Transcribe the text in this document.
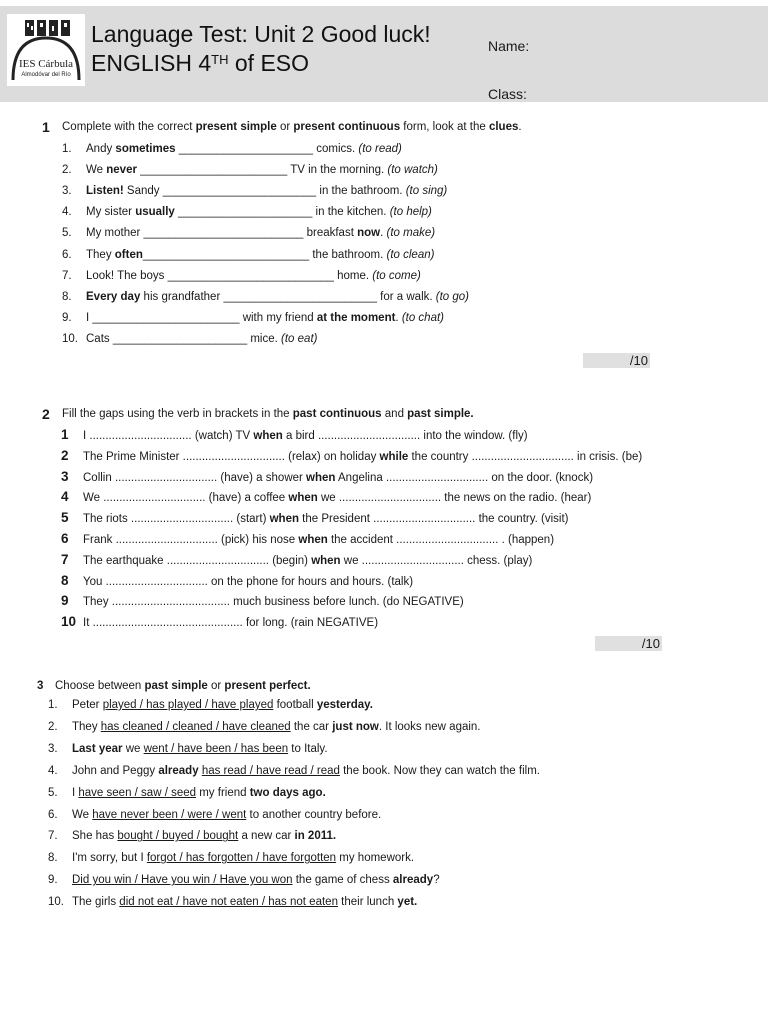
IES Cárbula
Almodóvar del Río
Language Test: Unit 2 Good luck!
ENGLISH 4TH of ESO
Name:
Class:
1 Complete with the correct present simple or present continuous form, look at the clues.
1. Andy sometimes _____________________ comics. (to read)
2. We never _______________________ TV in the morning. (to watch)
3. Listen! Sandy ________________________ in the bathroom. (to sing)
4. My sister usually _____________________ in the kitchen. (to help)
5. My mother _________________________ breakfast now. (to make)
6. They often__________________________ the bathroom. (to clean)
7. Look! The boys __________________________ home. (to come)
8. Every day his grandfather ________________________ for a walk. (to go)
9. I _______________________ with my friend at the moment. (to chat)
10. Cats _____________________ mice. (to eat)
/10
2 Fill the gaps using the verb in brackets in the past continuous and past simple.
1 I ................................ (watch) TV when a bird ................................ into the window. (fly)
2 The Prime Minister ................................ (relax) on holiday while the country ................................ in crisis. (be)
3 Collin ................................ (have) a shower when Angelina ................................ on the door. (knock)
4 We ................................ (have) a coffee when we ................................ the news on the radio. (hear)
5 The riots ................................ (start) when the President ................................ the country. (visit)
6 Frank ................................ (pick) his nose when the accident ................................ . (happen)
7 The earthquake ................................ (begin) when we ................................ chess. (play)
8 You ................................ on the phone for hours and hours. (talk)
9 They ..................................... much business before lunch. (do NEGATIVE)
10 It ............................................... for long. (rain NEGATIVE)
/10
3 Choose between past simple or present perfect.
1. Peter played / has played / have played football yesterday.
2. They has cleaned / cleaned / have cleaned the car just now. It looks new again.
3. Last year we went / have been / has been to Italy.
4. John and Peggy already has read / have read / read the book. Now they can watch the film.
5. I have seen / saw / seed my friend two days ago.
6. We have never been / were / went to another country before.
7. She has bought / buyed / bought a new car in 2011.
8. I'm sorry, but I forgot / has forgotten / have forgotten my homework.
9. Did you win / Have you win / Have you won the game of chess already?
10. The girls did not eat / have not eaten / has not eaten their lunch yet.
